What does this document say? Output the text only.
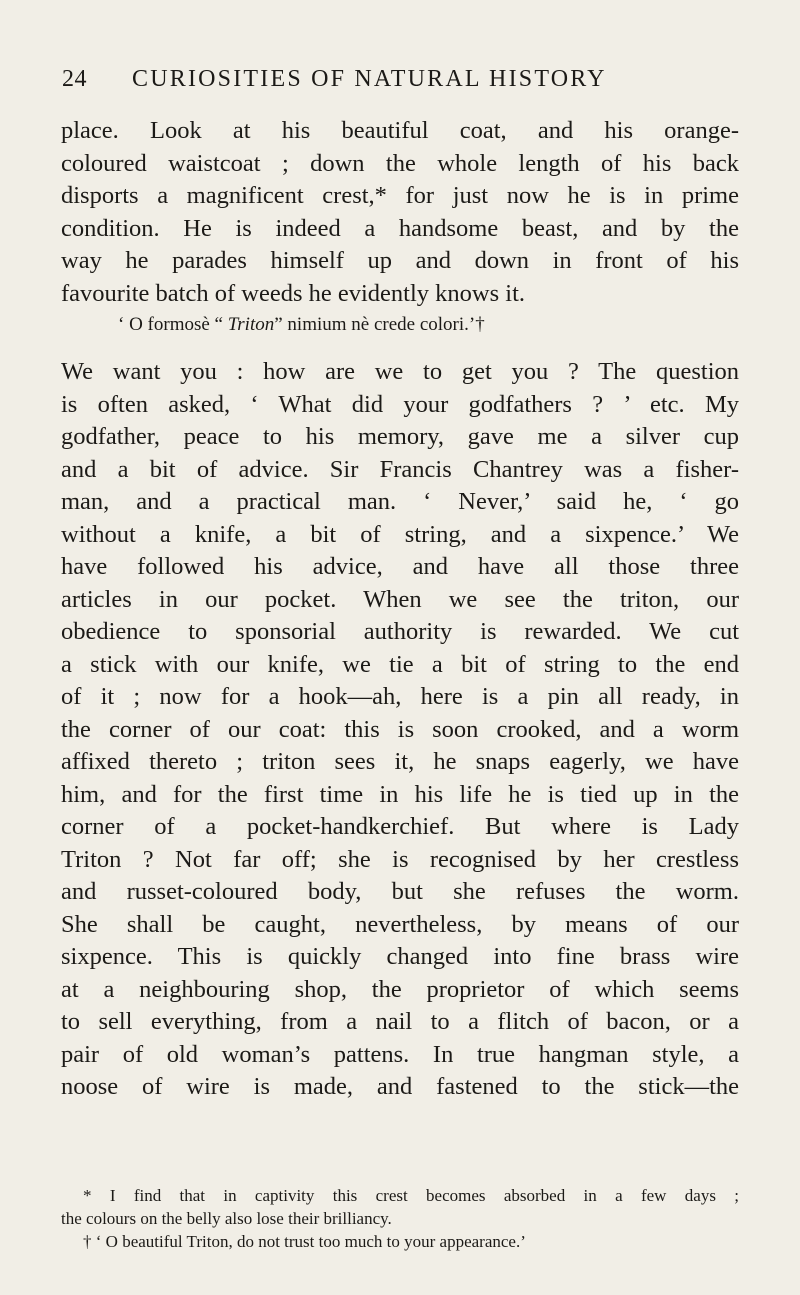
24 CURIOSITIES OF NATURAL HISTORY
place. Look at his beautiful coat, and his orange-
coloured waistcoat ; down the whole length of his back
disports a magnificent crest,* for just now he is in prime
condition. He is indeed a handsome beast, and by the
way he parades himself up and down in front of his
favourite batch of weeds he evidently knows it.
‘ O formosè “ Triton” nimium nè crede colori.’†
We want you : how are we to get you ? The question
is often asked, ‘ What did your godfathers ? ’ etc. My
godfather, peace to his memory, gave me a silver cup
and a bit of advice. Sir Francis Chantrey was a fisher-
man, and a practical man. ‘ Never,’ said he, ‘ go
without a knife, a bit of string, and a sixpence.’ We
have followed his advice, and have all those three
articles in our pocket. When we see the triton, our
obedience to sponsorial authority is rewarded. We cut
a stick with our knife, we tie a bit of string to the end
of it ; now for a hook—ah, here is a pin all ready, in
the corner of our coat: this is soon crooked, and a worm
affixed thereto ; triton sees it, he snaps eagerly, we have
him, and for the first time in his life he is tied up in the
corner of a pocket-handkerchief. But where is Lady
Triton ? Not far off; she is recognised by her crestless
and russet-coloured body, but she refuses the worm.
She shall be caught, nevertheless, by means of our
sixpence. This is quickly changed into fine brass wire
at a neighbouring shop, the proprietor of which seems
to sell everything, from a nail to a flitch of bacon, or a
pair of old woman’s pattens. In true hangman style, a
noose of wire is made, and fastened to the stick—the
* I find that in captivity this crest becomes absorbed in a few days ;
the colours on the belly also lose their brilliancy.
† ‘ O beautiful Triton, do not trust too much to your appearance.’
